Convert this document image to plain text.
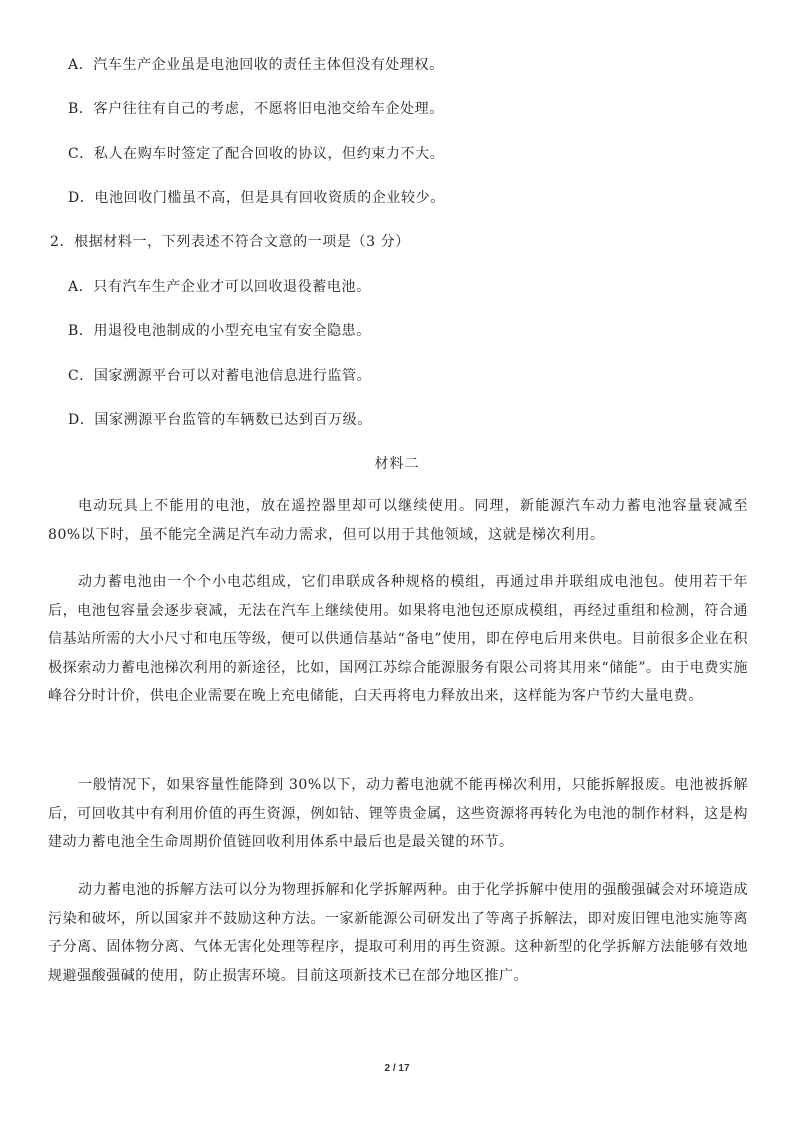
A．汽车生产企业虽是电池回收的责任主体但没有处理权。
B．客户往往有自己的考虑，不愿将旧电池交给车企处理。
C．私人在购车时签定了配合回收的协议，但约束力不大。
D．电池回收门槛虽不高，但是具有回收资质的企业较少。
2．根据材料一，下列表述不符合文意的一项是（3 分）
A．只有汽车生产企业才可以回收退役蓄电池。
B．用退役电池制成的小型充电宝有安全隐患。
C．国家溯源平台可以对蓄电池信息进行监管。
D．国家溯源平台监管的车辆数已达到百万级。
材料二

电动玩具上不能用的电池，放在遥控器里却可以继续使用。同理，新能源汽车动力蓄电池容量衰减至 80%以下时，虽不能完全满足汽车动力需求，但可以用于其他领域，这就是梯次利用。

动力蓄电池由一个个小电芯组成，它们串联成各种规格的模组，再通过串并联组成电池包。使用若干年后，电池包容量会逐步衰减，无法在汽车上继续使用。如果将电池包还原成模组，再经过重组和检测，符合通信基站所需的大小尺寸和电压等级，便可以供通信基站“备电”使用，即在停电后用来供电。目前很多企业在积极探索动力蓄电池梯次利用的新途径，比如，国网江苏综合能源服务有限公司将其用来“储能”。由于电费实施峰谷分时计价，供电企业需要在晚上充电储能，白天再将电力释放出来，这样能为客户节约大量电费。

一般情况下，如果容量性能降到 30%以下，动力蓄电池就不能再梯次利用，只能拆解报废。电池被拆解后，可回收其中有利用价值的再生资源，例如钴、锂等贵金属，这些资源将再转化为电池的制作材料，这是构建动力蓄电池全生命周期价值链回收利用体系中最后也是最关键的环节。

动力蓄电池的拆解方法可以分为物理拆解和化学拆解两种。由于化学拆解中使用的强酸强碱会对环境造成污染和破坏，所以国家并不鼓励这种方法。一家新能源公司研发出了等离子拆解法，即对废旧锂电池实施等离子分离、固体物分离、气体无害化处理等程序，提取可利用的再生资源。这种新型的化学拆解方法能够有效地规避强酸强碱的使用，防止损害环境。目前这项新技术已在部分地区推广。

2 / 17
